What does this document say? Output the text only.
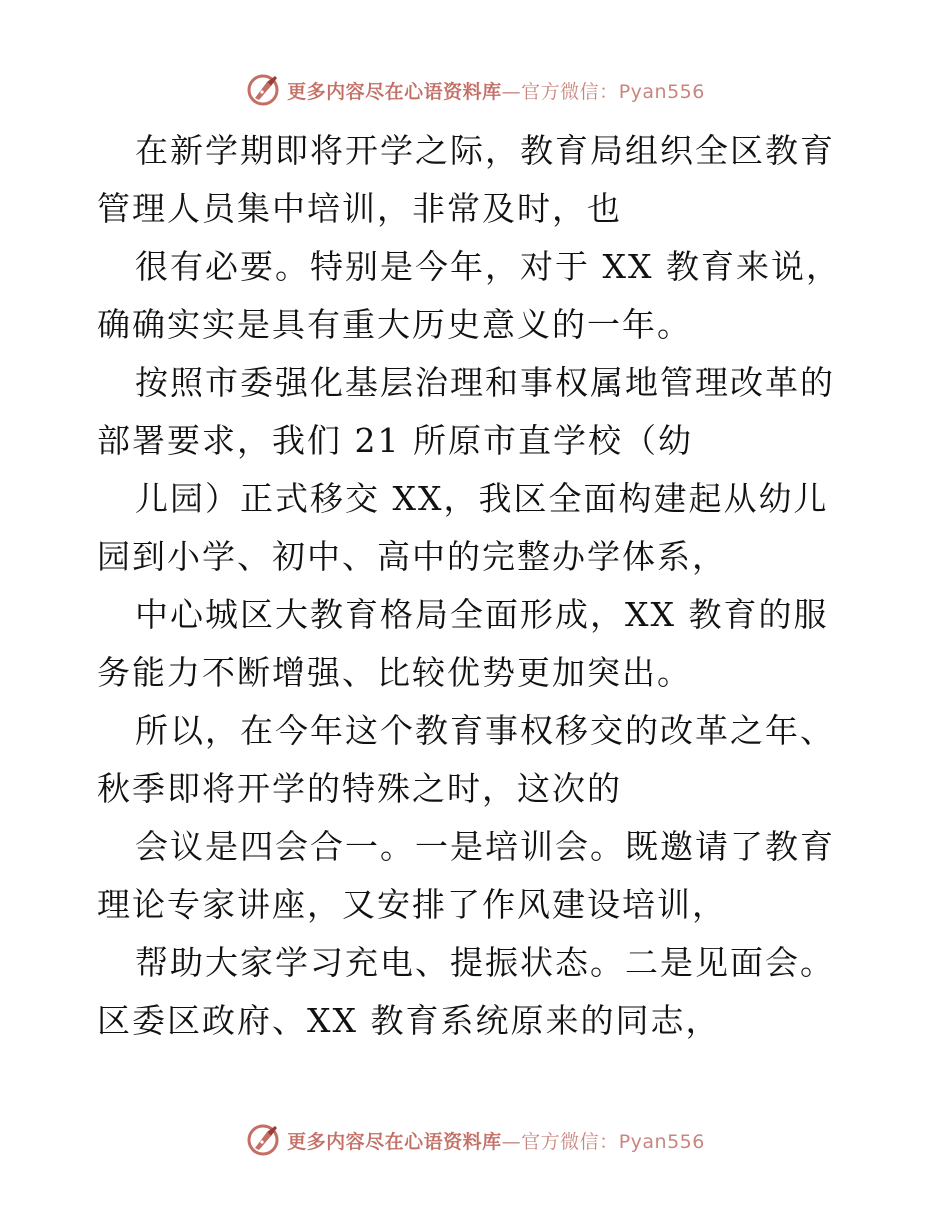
更多内容尽在心语资料库—官方微信：Pyan556

在新学期即将开学之际，教育局组织全区教育管理人员集中培训，非常及时，也

很有必要。特别是今年，对于 XX 教育来说，确确实实是具有重大历史意义的一年。

按照市委强化基层治理和事权属地管理改革的部署要求，我们 21 所原市直学校（幼

儿园）正式移交 XX，我区全面构建起从幼儿园到小学、初中、高中的完整办学体系，

中心城区大教育格局全面形成，XX 教育的服务能力不断增强、比较优势更加突出。

所以，在今年这个教育事权移交的改革之年、秋季即将开学的特殊之时，这次的

会议是四会合一。一是培训会。既邀请了教育理论专家讲座，又安排了作风建设培训，

帮助大家学习充电、提振状态。二是见面会。区委区政府、XX 教育系统原来的同志，

更多内容尽在心语资料库—官方微信：Pyan556
